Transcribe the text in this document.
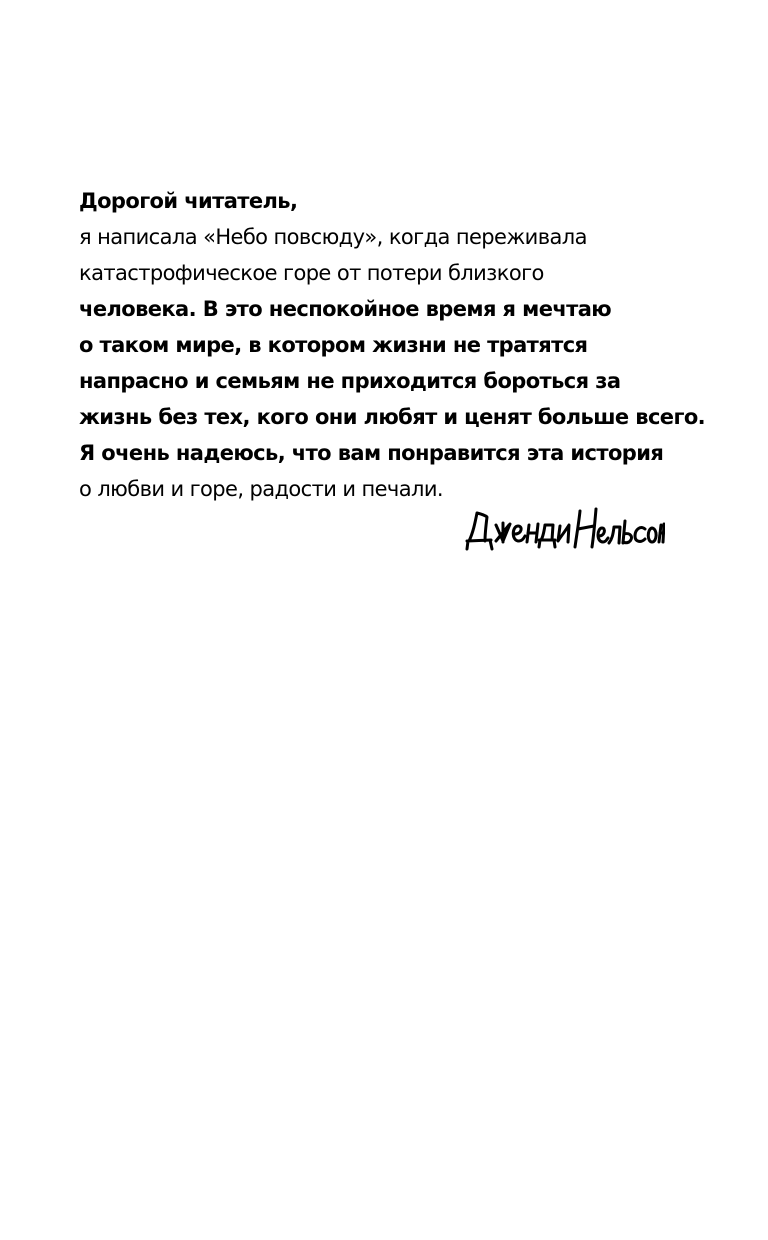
Дорогой читатель,
я написала «Небо повсюду», когда переживала
катастрофическое горе от потери близкого
человека. В это неспокойное время я мечтаю
о таком мире, в котором жизни не тратятся
напрасно и семьям не приходится бороться за
жизнь без тех, кого они любят и ценят больше всего.
Я очень надеюсь, что вам понравится эта история
о любви и горе, радости и печали.
